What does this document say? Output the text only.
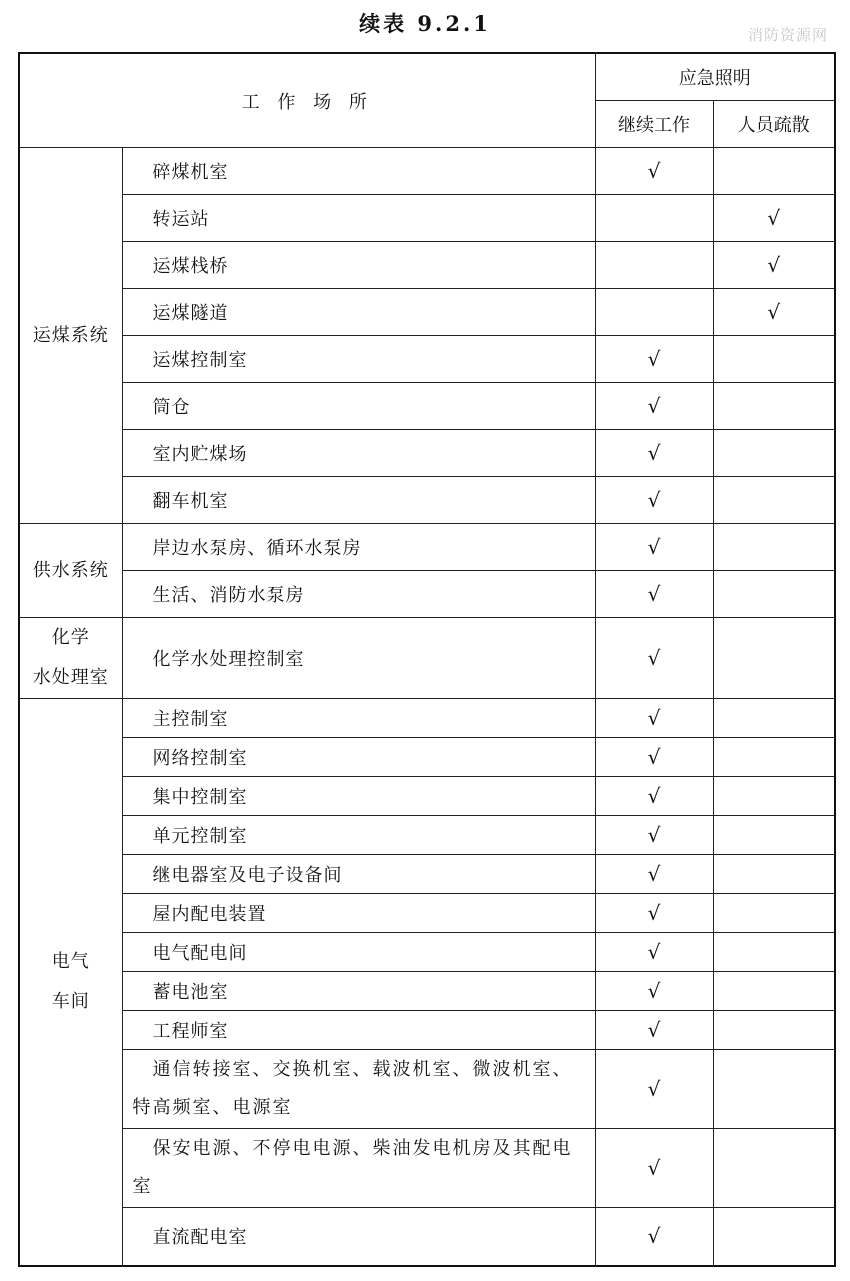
续表 9.2.1	消防资源网
工 作 场 所		应急照明	
		继续工作	人员疏散
运煤系统	碎煤机室	√	
	转运站		√
	运煤栈桥		√
	运煤隧道		√
	运煤控制室	√	
	筒仓	√	
	室内贮煤场	√	
	翻车机室	√	
供水系统	岸边水泵房、循环水泵房	√	
	生活、消防水泵房	√	

化学
水处理室	化学水处理控制室	√	

电气
车间	主控制室	√	
	网络控制室	√	
	集中控制室	√	
	单元控制室	√	
	继电器室及电子设备间	√	
	屋内配电装置	√	
	电气配电间	√	
	蓄电池室	√	
	工程师室	√	
	通信转接室、交换机室、载波机室、微波机室、特高频室、电源室	√	
	保安电源、不停电电源、柴油发电机房及其配电室	√	
	直流配电室	√	
